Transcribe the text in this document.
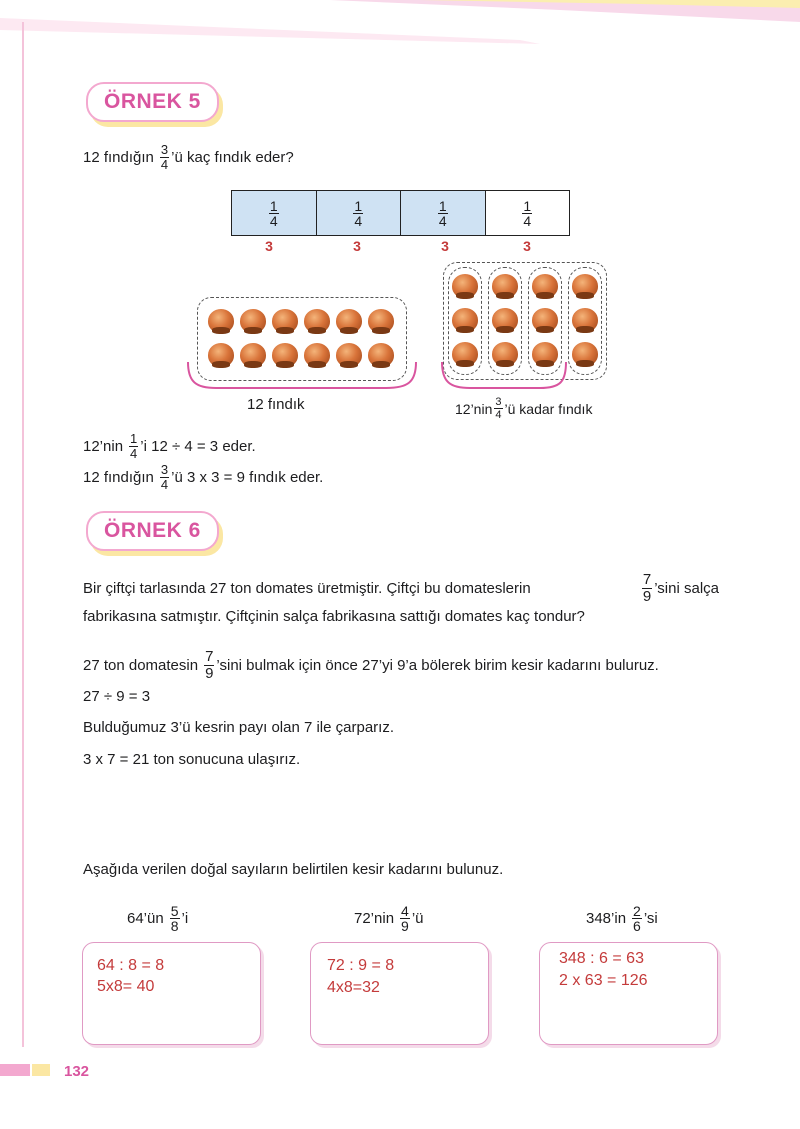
ÖRNEK 5
12 fındığın $\frac{3}{4}$ ’ü kaç fındık eder?
$\frac{1}{4}$	$\frac{1}{4}$	$\frac{1}{4}$	$\frac{1}{4}$
3	3	3	3
12 fındık	12’nin $\frac{3}{4}$ ’ü kadar fındık
12’nin $\frac{1}{4}$ ’i 12 ÷ 4 = 3 eder.
12 fındığın $\frac{3}{4}$ ’ü 3 x 3 = 9 fındık eder.
ÖRNEK 6
Bir çiftçi tarlasında 27 ton domates üretmiştir. Çiftçi bu domateslerin	$\frac{7}{9}$ ’sini salça
fabrikasına satmıştır. Çiftçinin salça fabrikasına sattığı domates kaç tondur?
27 ton domatesin $\frac{7}{9}$ ’sini bulmak için önce 27’yi 9’a bölerek birim kesir kadarını buluruz.
27 ÷ 9 = 3
Bulduğumuz 3’ü kesrin payı olan 7 ile çarparız.
3 x 7 = 21 ton sonucuna ulaşırız.
Aşağıda verilen doğal sayıların belirtilen kesir kadarını bulunuz.
64’ün $\frac{5}{8}$ ’i	72’nin $\frac{4}{9}$ ’ü	348’in $\frac{2}{6}$ ’si
64 : 8 = 8
5x8= 40
72 : 9 = 8
4x8=32
348 : 6 = 63
2 x 63 = 126
132
